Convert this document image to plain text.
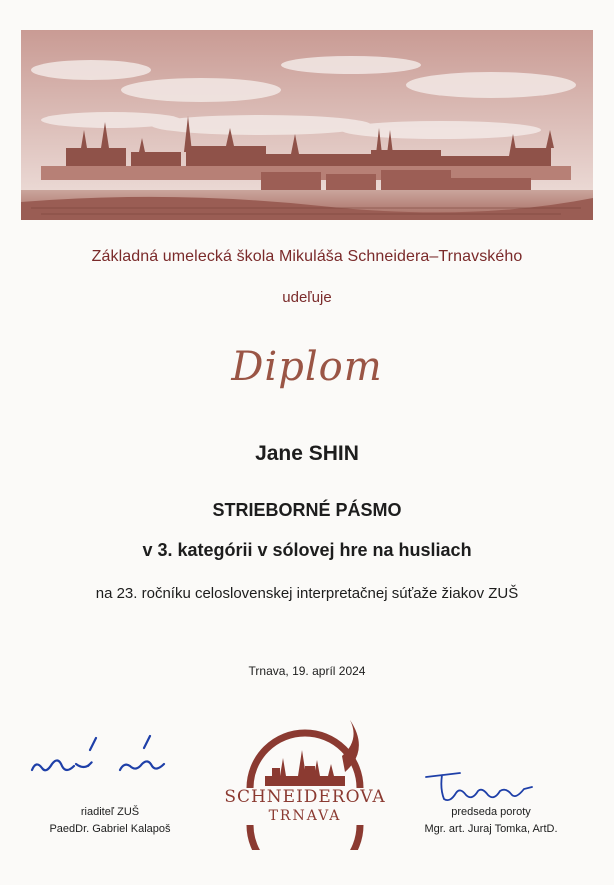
Základná umelecká škola Mikuláša Schneidera–Trnavského
udeľuje
Diplom
Jane SHIN
STRIEBORNÉ PÁSMO
v 3. kategórii v sólovej hre na husliach
na 23. ročníku celoslovenskej interpretačnej súťaže žiakov ZUŠ
Trnava, 19. apríl 2024
riaditeľ ZUŠ
PaedDr. Gabriel Kalapoš
predseda poroty
Mgr. art. Juraj Tomka, ArtD.
SCHNEIDEROVA
TRNAVA
